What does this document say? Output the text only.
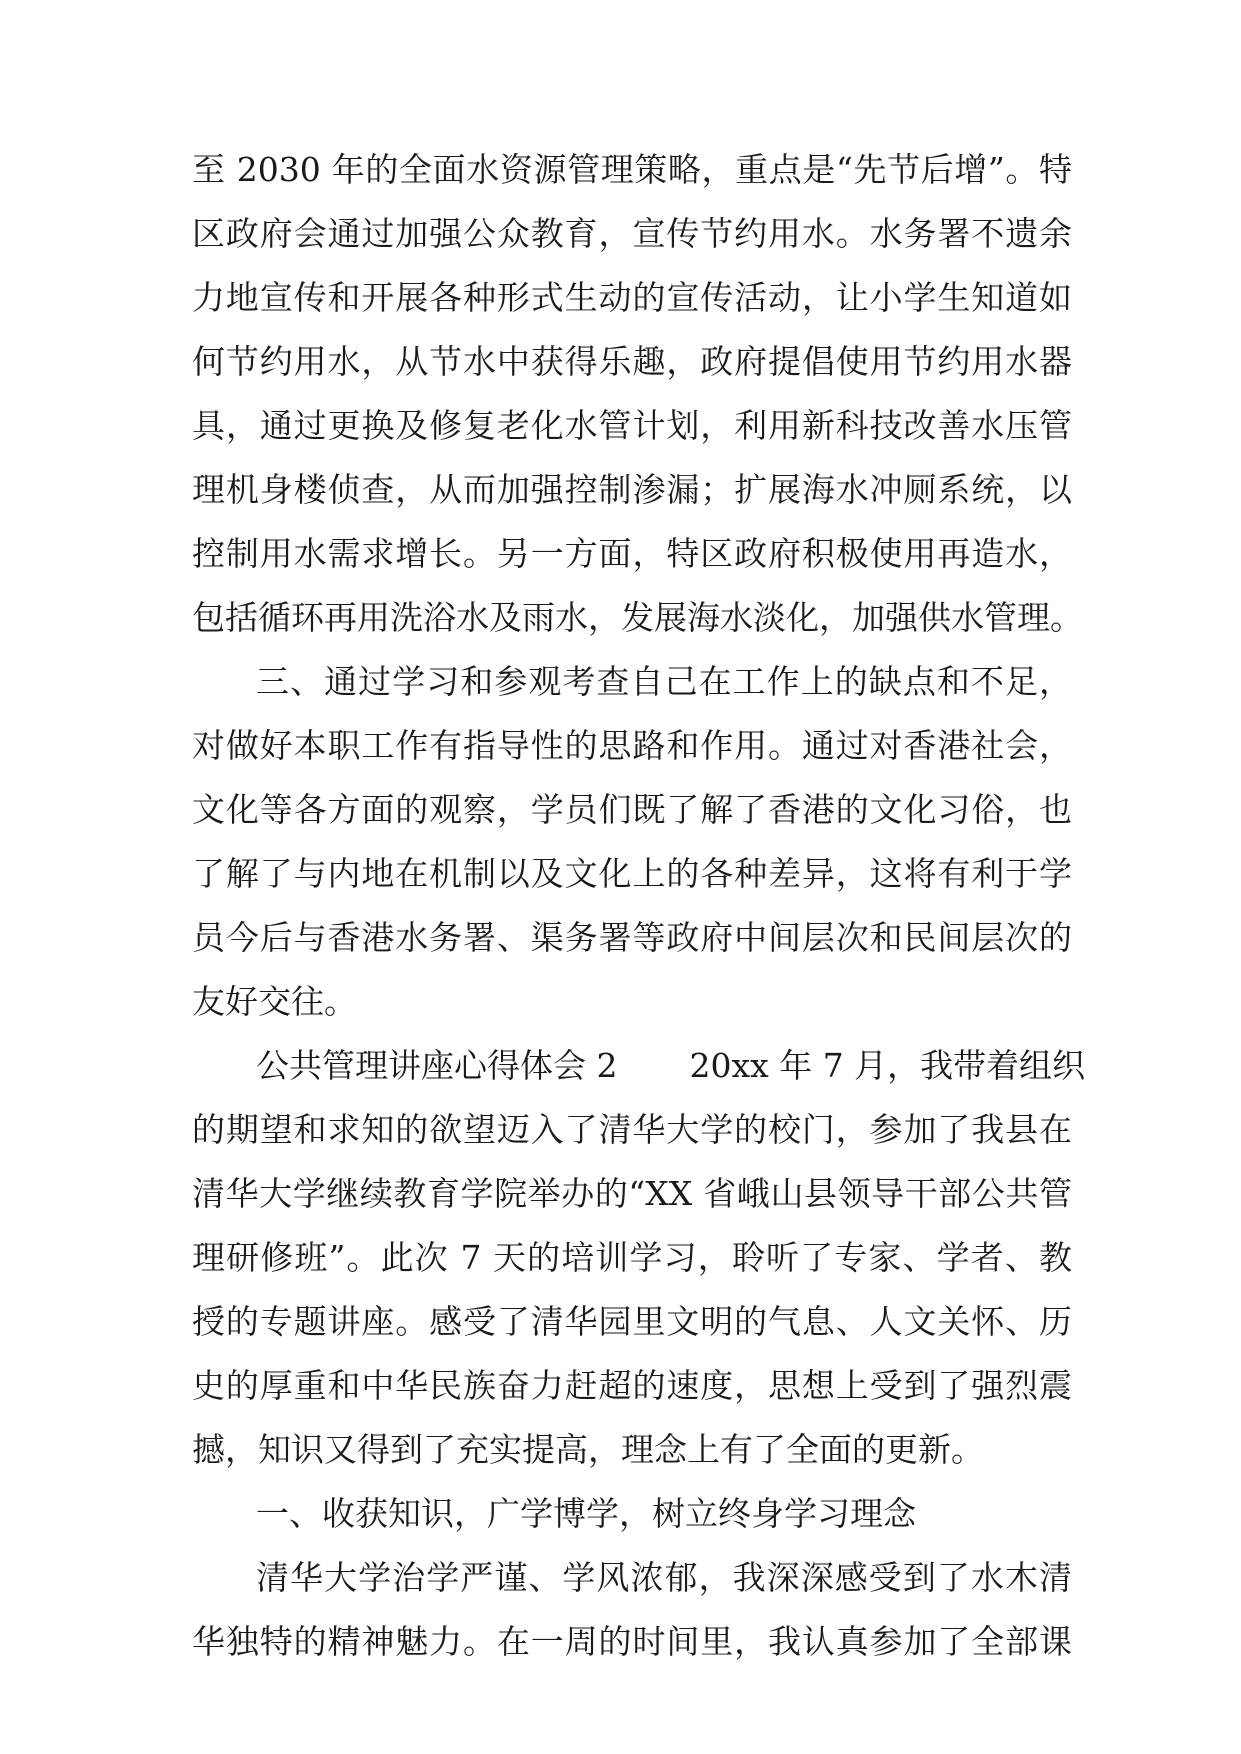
至 2030 年的全面水资源管理策略，重点是“先节后增”。特
区政府会通过加强公众教育，宣传节约用水。水务署不遗余
力地宣传和开展各种形式生动的宣传活动，让小学生知道如
何节约用水，从节水中获得乐趣，政府提倡使用节约用水器
具，通过更换及修复老化水管计划，利用新科技改善水压管
理机身楼侦查，从而加强控制渗漏；扩展海水冲厕系统，以
控制用水需求增长。另一方面，特区政府积极使用再造水，
包括循环再用洗浴水及雨水，发展海水淡化，加强供水管理。
三、通过学习和参观考查自己在工作上的缺点和不足，
对做好本职工作有指导性的思路和作用。通过对香港社会，
文化等各方面的观察，学员们既了解了香港的文化习俗，也
了解了与内地在机制以及文化上的各种差异，这将有利于学
员今后与香港水务署、渠务署等政府中间层次和民间层次的
友好交往。
公共管理讲座心得体会 2 20xx 年 7 月，我带着组织
的期望和求知的欲望迈入了清华大学的校门，参加了我县在
清华大学继续教育学院举办的“XX 省峨山县领导干部公共管
理研修班”。此次 7 天的培训学习，聆听了专家、学者、教
授的专题讲座。感受了清华园里文明的气息、人文关怀、历
史的厚重和中华民族奋力赶超的速度，思想上受到了强烈震
撼，知识又得到了充实提高，理念上有了全面的更新。
一、收获知识，广学博学，树立终身学习理念
清华大学治学严谨、学风浓郁，我深深感受到了水木清
华独特的精神魅力。在一周的时间里，我认真参加了全部课
